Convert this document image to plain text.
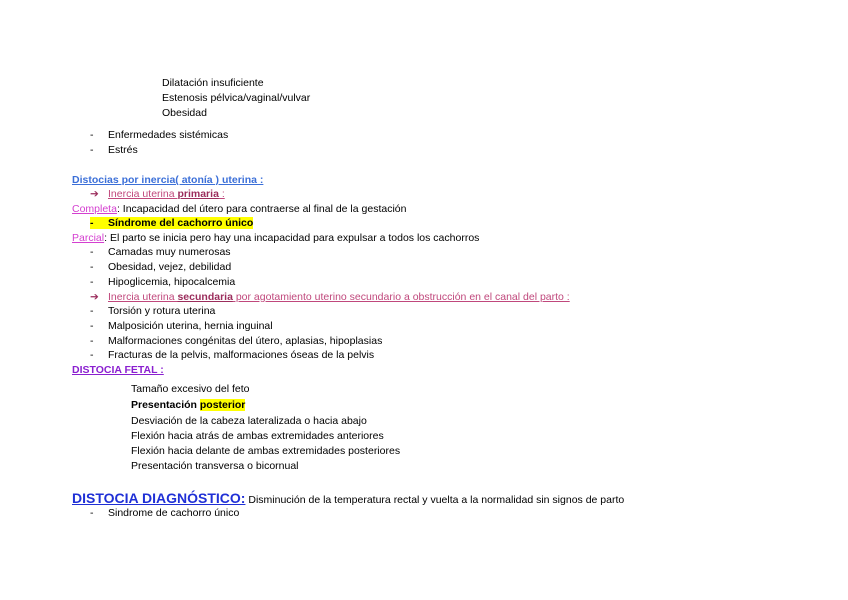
Dilatación insuficiente
Estenosis pélvica/vaginal/vulvar
Obesidad
- Enfermedades sistémicas
- Estrés
Distocias por inercia( atonía ) uterina :
➔ Inercia uterina primaria :
Completa: Incapacidad del útero para contraerse al final de la gestación
- Síndrome del cachorro único
Parcial: El parto se inicia pero hay una incapacidad para expulsar a todos los cachorros
- Camadas muy numerosas
- Obesidad, vejez, debilidad
- Hipoglicemia, hipocalcemia
➔ Inercia uterina secundaria por agotamiento uterino secundario a obstrucción en el canal del parto :
- Torsión y rotura uterina
- Malposición uterina, hernia inguinal
- Malformaciones congénitas del útero, aplasias, hipoplasias
- Fracturas de la pelvis, malformaciones óseas de la pelvis
DISTOCIA FETAL :
Tamaño excesivo del feto
Presentación posterior
Desviación de la cabeza lateralizada o hacia abajo
Flexión hacia atrás de ambas extremidades anteriores
Flexión hacia delante de ambas extremidades posteriores
Presentación transversa o bicornual
DISTOCIA DIAGNÓSTICO: Disminución de la temperatura rectal y vuelta a la normalidad sin signos de parto
- Sindrome de cachorro único
